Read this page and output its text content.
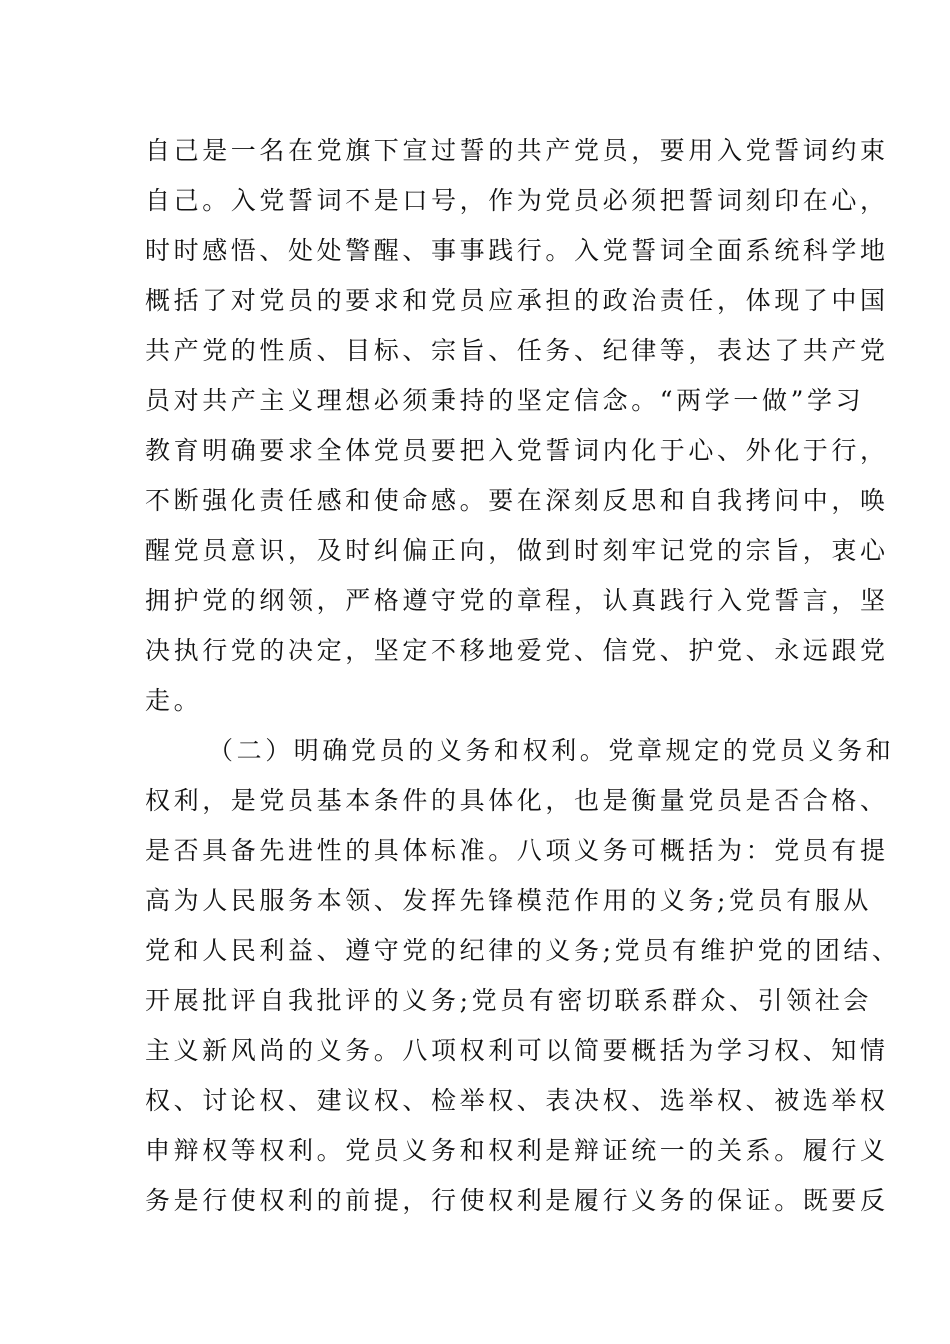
自己是一名在党旗下宣过誓的共产党员，要用入党誓词约束
自己。入党誓词不是口号，作为党员必须把誓词刻印在心，
时时感悟、处处警醒、事事践行。入党誓词全面系统科学地
概括了对党员的要求和党员应承担的政治责任，体现了中国
共产党的性质、目标、宗旨、任务、纪律等，表达了共产党
员对共产主义理想必须秉持的坚定信念。“两学一做”学习
教育明确要求全体党员要把入党誓词内化于心、外化于行，
不断强化责任感和使命感。要在深刻反思和自我拷问中，唤
醒党员意识，及时纠偏正向，做到时刻牢记党的宗旨，衷心
拥护党的纲领，严格遵守党的章程，认真践行入党誓言，坚
决执行党的决定，坚定不移地爱党、信党、护党、永远跟党
走。
（二）明确党员的义务和权利。党章规定的党员义务和
权利，是党员基本条件的具体化，也是衡量党员是否合格、
是否具备先进性的具体标准。八项义务可概括为：党员有提
高为人民服务本领、发挥先锋模范作用的义务;党员有服从
党和人民利益、遵守党的纪律的义务;党员有维护党的团结、
开展批评自我批评的义务;党员有密切联系群众、引领社会
主义新风尚的义务。八项权利可以简要概括为学习权、知情
权、讨论权、建议权、检举权、表决权、选举权、被选举权
申辩权等权利。党员义务和权利是辩证统一的关系。履行义
务是行使权利的前提，行使权利是履行义务的保证。既要反
